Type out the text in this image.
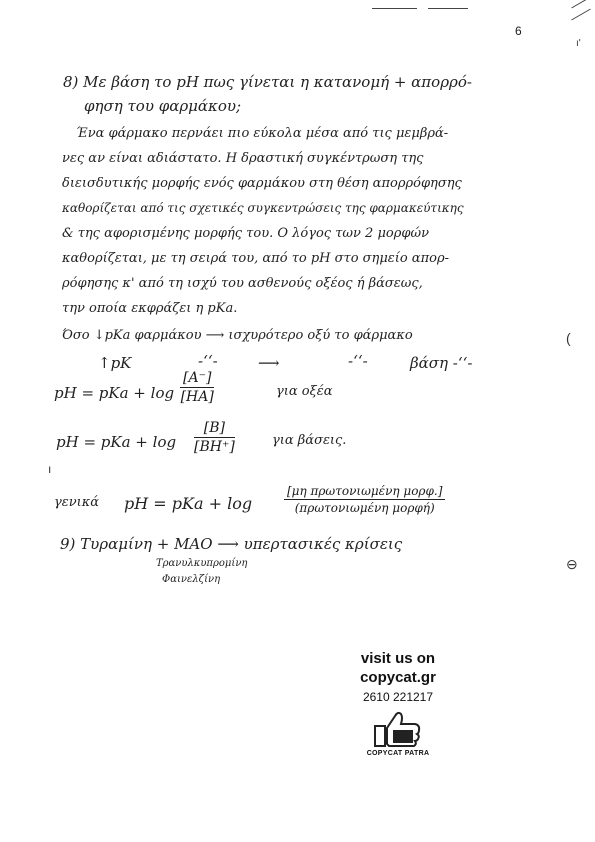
ı'
(
⊖
ı
6
8) Με βάση το pH πως γίνεται η κατανομή + απορρό-
φηση του φαρμάκου;
Ένα φάρμακο περνάει πιο εύκολα μέσα από τις μεμβρά-
νες αν είναι αδιάστατο. Η δραστική συγκέντρωση της
διεισδυτικής μορφής ενός φαρμάκου στη θέση απορρόφησης
καθορίζεται από τις σχετικές συγκεντρώσεις της φαρμακεύτικης
& της αφορισμένης μορφής του. Ο λόγος των 2 μορφών
καθορίζεται, με τη σειρά του, από το pH στο σημείο απορ-
ρόφησης κ' από τη ισχύ του ασθενούς οξέος ή βάσεως,
την οποία εκφράζει η pKa.
Όσο ↓pKa φαρμάκου ⟶ ισχυρότερο οξύ το φάρμακο
↑pK	-‘‘-	⟶	-‘‘-	βάση -‘‘-
pH = pKa + $\log \frac{[A^-]}{[HA]}$	για οξέα
pH = pKa + $\log \frac{[B]}{[BH^+]}$	για βάσεις.
γενικά pH = pKa + log
[μη πρωτονιωμένη μορφ.]
(πρωτονιωμένη μορφή)
9) Τυραμίνη + MAO ⟶ υπερτασικές κρίσεις
Τρανυλκυπρομίνη
Φαινελζίνη
visit us on
copycat.gr
2610 221217
COPYCAT PATRA
